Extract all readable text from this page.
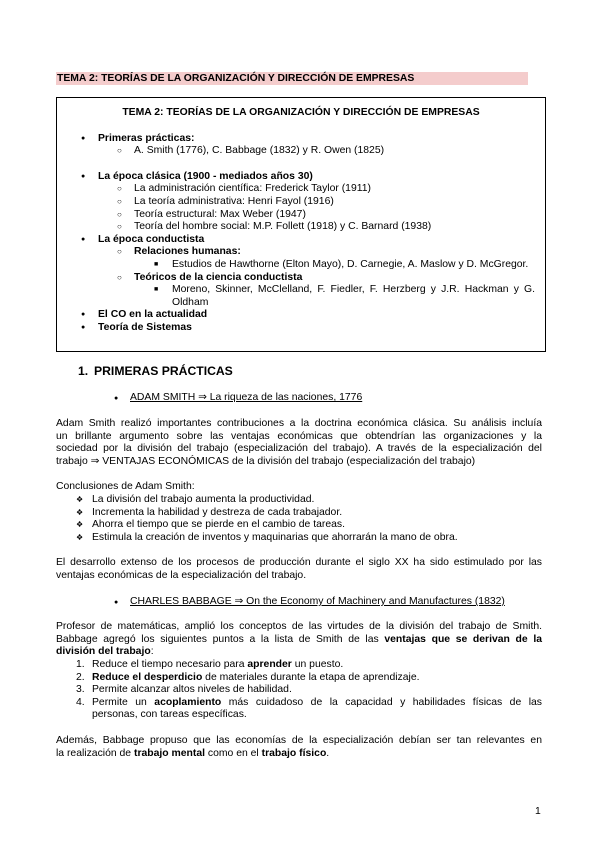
TEMA 2: TEORÍAS DE LA ORGANIZACIÓN Y DIRECCIÓN DE EMPRESAS
TEMA 2: TEORÍAS DE LA ORGANIZACIÓN Y DIRECCIÓN DE EMPRESAS
● Primeras prácticas:
○ A. Smith (1776), C. Babbage (1832) y R. Owen (1825)
● La época clásica (1900 - mediados años 30)
○ La administración científica: Frederick Taylor (1911)
○ La teoría administrativa: Henri Fayol (1916)
○ Teoría estructural: Max Weber (1947)
○ Teoría del hombre social: M.P. Follett (1918) y C. Barnard (1938)
● La época conductista
○ Relaciones humanas:
■ Estudios de Hawthorne (Elton Mayo), D. Carnegie, A. Maslow y D. McGregor.
○ Teóricos de la ciencia conductista
■ Moreno, Skinner, McClelland, F. Fiedler, F. Herzberg y J.R. Hackman y G. Oldham
● El CO en la actualidad
● Teoría de Sistemas
1. PRIMERAS PRÁCTICAS
● ADAM SMITH ⇒ La riqueza de las naciones, 1776
Adam Smith realizó importantes contribuciones a la doctrina económica clásica. Su análisis incluía
un brillante argumento sobre las ventajas económicas que obtendrían las organizaciones y la
sociedad por la división del trabajo (especialización del trabajo). A través de la especialización del
trabajo ⇒ VENTAJAS ECONÓMICAS de la división del trabajo (especialización del trabajo)
Conclusiones de Adam Smith:
❖ La división del trabajo aumenta la productividad.
❖ Incrementa la habilidad y destreza de cada trabajador.
❖ Ahorra el tiempo que se pierde en el cambio de tareas.
❖ Estimula la creación de inventos y maquinarias que ahorrarán la mano de obra.
El desarrollo extenso de los procesos de producción durante el siglo XX ha sido estimulado por las
ventajas económicas de la especialización del trabajo.
● CHARLES BABBAGE ⇒ On the Economy of Machinery and Manufactures (1832)
Profesor de matemáticas, amplió los conceptos de las virtudes de la división del trabajo de Smith.
Babbage agregó los siguientes puntos a la lista de Smith de las ventajas que se derivan de la
división del trabajo:
1. Reduce el tiempo necesario para aprender un puesto.
2. Reduce el desperdicio de materiales durante la etapa de aprendizaje.
3. Permite alcanzar altos niveles de habilidad.
4. Permite un acoplamiento más cuidadoso de la capacidad y habilidades físicas de las
personas, con tareas específicas.
Además, Babbage propuso que las economías de la especialización debían ser tan relevantes en
la realización de trabajo mental como en el trabajo físico.
1
